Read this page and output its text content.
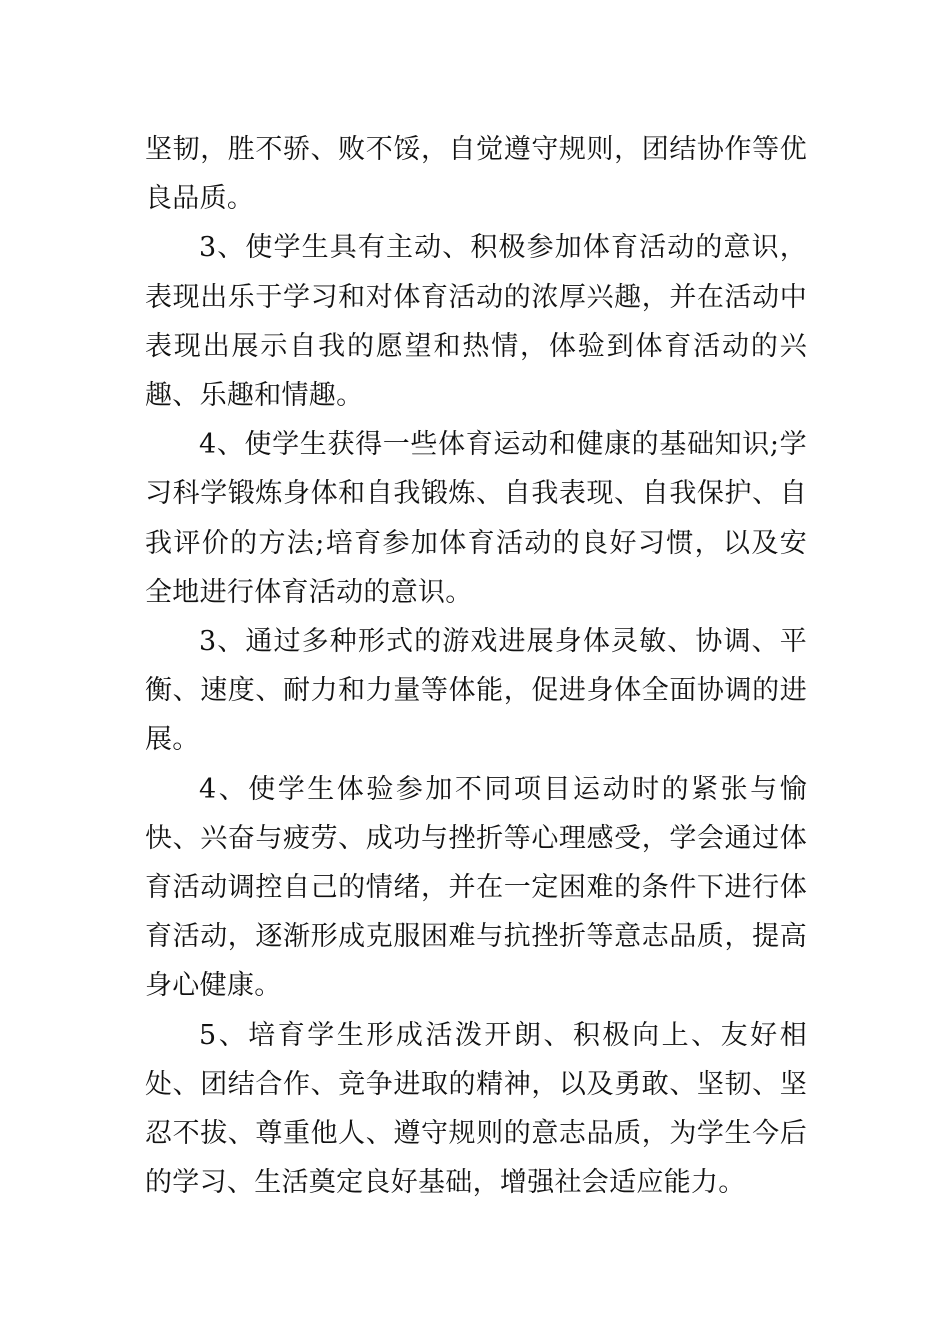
坚韧，胜不骄、败不馁，自觉遵守规则，团结协作等优良品质。

3、使学生具有主动、积极参加体育活动的意识，表现出乐于学习和对体育活动的浓厚兴趣，并在活动中表现出展示自我的愿望和热情，体验到体育活动的兴趣、乐趣和情趣。

4、使学生获得一些体育运动和健康的基础知识;学习科学锻炼身体和自我锻炼、自我表现、自我保护、自我评价的方法;培育参加体育活动的良好习惯，以及安全地进行体育活动的意识。

3、通过多种形式的游戏进展身体灵敏、协调、平衡、速度、耐力和力量等体能，促进身体全面协调的进展。

4、使学生体验参加不同项目运动时的紧张与愉快、兴奋与疲劳、成功与挫折等心理感受，学会通过体育活动调控自己的情绪，并在一定困难的条件下进行体育活动，逐渐形成克服困难与抗挫折等意志品质，提高身心健康。

5、培育学生形成活泼开朗、积极向上、友好相处、团结合作、竞争进取的精神，以及勇敢、坚韧、坚忍不拔、尊重他人、遵守规则的意志品质，为学生今后的学习、生活奠定良好基础，增强社会适应能力。
